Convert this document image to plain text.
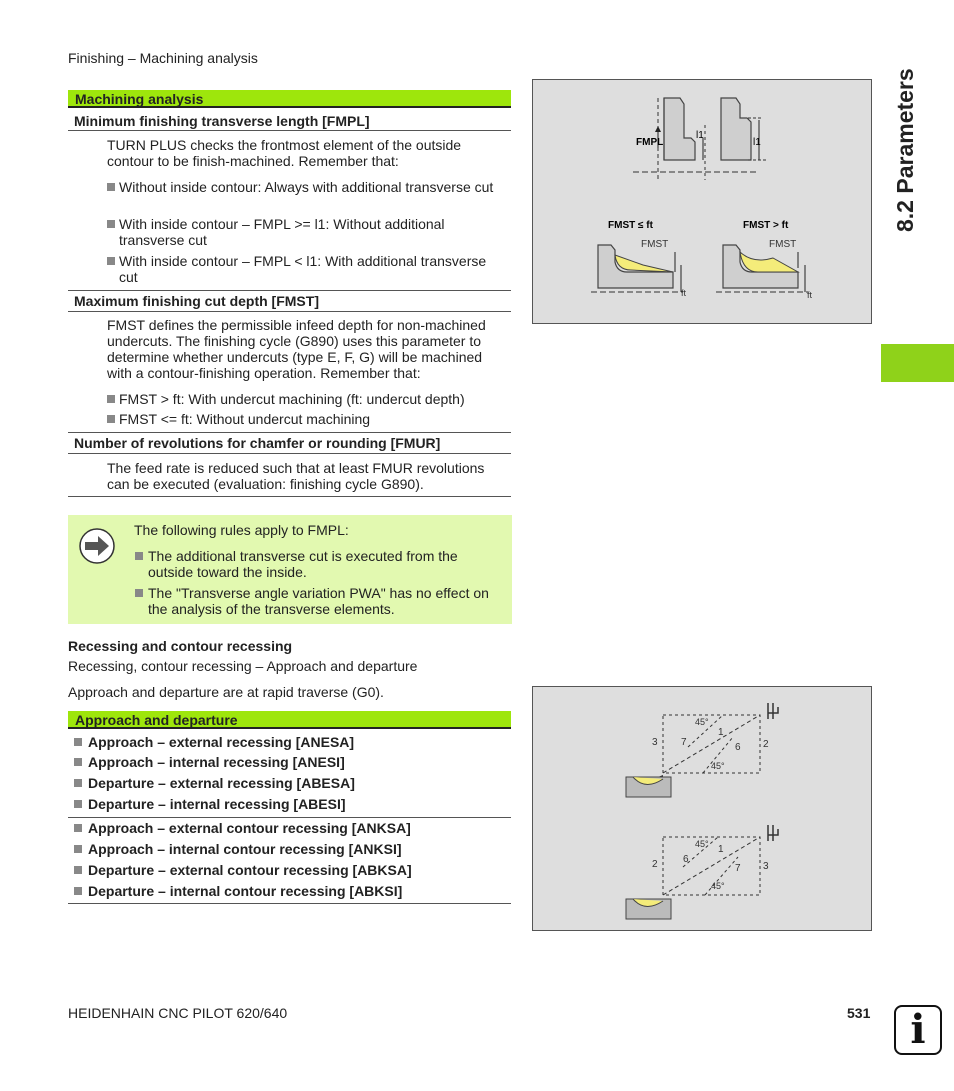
Finishing – Machining analysis
8.2 Parameters
Machining analysis
Minimum finishing transverse length [FMPL]
TURN PLUS checks the frontmost element of the outside contour to be finish-machined. Remember that:
Without inside contour: Always with additional transverse cut
With inside contour – FMPL >= l1: Without additional transverse cut
With inside contour – FMPL < l1: With additional transverse cut
Maximum finishing cut depth [FMST]
FMST defines the permissible infeed depth for non-machined undercuts. The finishing cycle (G890) uses this parameter to determine whether undercuts (type E, F, G) will be machined with a contour-finishing operation. Remember that:
FMST > ft: With undercut machining (ft: undercut depth)
FMST <= ft: Without undercut machining
Number of revolutions for chamfer or rounding [FMUR]
The feed rate is reduced such that at least FMUR revolutions can be executed (evaluation: finishing cycle G890).
The following rules apply to FMPL:
The additional transverse cut is executed from the outside toward the inside.
The "Transverse angle variation PWA" has no effect on the analysis of the transverse elements.
Recessing and contour recessing
Recessing, contour recessing – Approach and departure
Approach and departure are at rapid traverse (G0).
Approach and departure
Approach – external recessing [ANESA]
Approach – internal recessing [ANESI]
Departure – external recessing [ABESA]
Departure – internal recessing [ABESI]
Approach – external contour recessing [ANKSA]
Approach – internal contour recessing [ANKSI]
Departure – external contour recessing [ABKSA]
Departure – internal contour recessing [ABKSI]
FMPL
l1
l1
FMST ≤ ft	FMST > ft
FMST
ft
FMST
ft
45°
45°
1
2
3	6
7
45°
45°
1
2	3
6
7
HEIDENHAIN CNC PILOT 620/640	531	i
